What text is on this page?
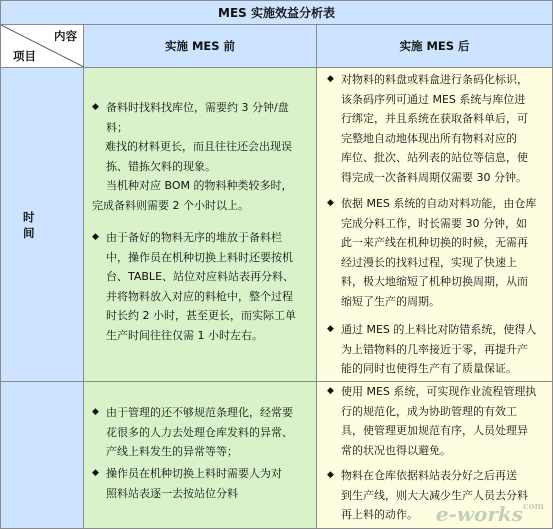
MES 实施效益分析表
内容
项目
实施 MES 前	实施 MES 后
时 间
◆ 备料时找料找库位，需要约 3 分钟/盘

料；

难找的材料更长，而且往往还会出现误

拣、错拣欠料的现象。

当机种对应 BOM 的物料种类较多时，

完成备料则需要 2 个小时以上。

◆ 由于备好的物料无序的堆放于备料栏

中，操作员在机种切换上料时还要按机

台、TABLE、站位对应料站表再分料、

并将物料放入对应的料枪中，整个过程

时长约 2 小时，甚至更长，而实际工单

生产时间往往仅需 1 小时左右。

◆ 对物料的料盘或料盒进行条码化标识，

该条码序列可通过 MES 系统与库位进

行绑定，并且系统在获取备料单后，可

完整地自动地体现出所有物料对应的

库位、批次、站列表的站位等信息，使

得完成一次备料周期仅需要 30 分钟。

◆ 依据 MES 系统的自动对料功能，由仓库

完成分料工作，时长需要 30 分钟，如

此一来产线在机种切换的时候，无需再

经过漫长的找料过程，实现了快速上

料，极大地缩短了机种切换周期，从而

缩短了生产的周期。

◆ 通过 MES 的上料比对防错系统，使得人

为上错物料的几率接近于零，再提升产

能的同时也使得生产有了质量保证。

◆ 由于管理的还不够规范条理化，经常要

花很多的人力去处理仓库发料的异常、

产线上料发生的异常等等；

◆ 操作员在机种切换上料时需要人为对

照料站表逐一去按站位分料

◆ 使用 MES 系统，可实现作业流程管理执

行的规范化，成为协助管理的有效工

具，使管理更加规范有序，人员处理异

常的状况也得以避免。

◆ 物料在仓库依据料站表分好之后再送

到生产线，则大大减少生产人员去分料

再上料的动作。 e-works$^{com}$
